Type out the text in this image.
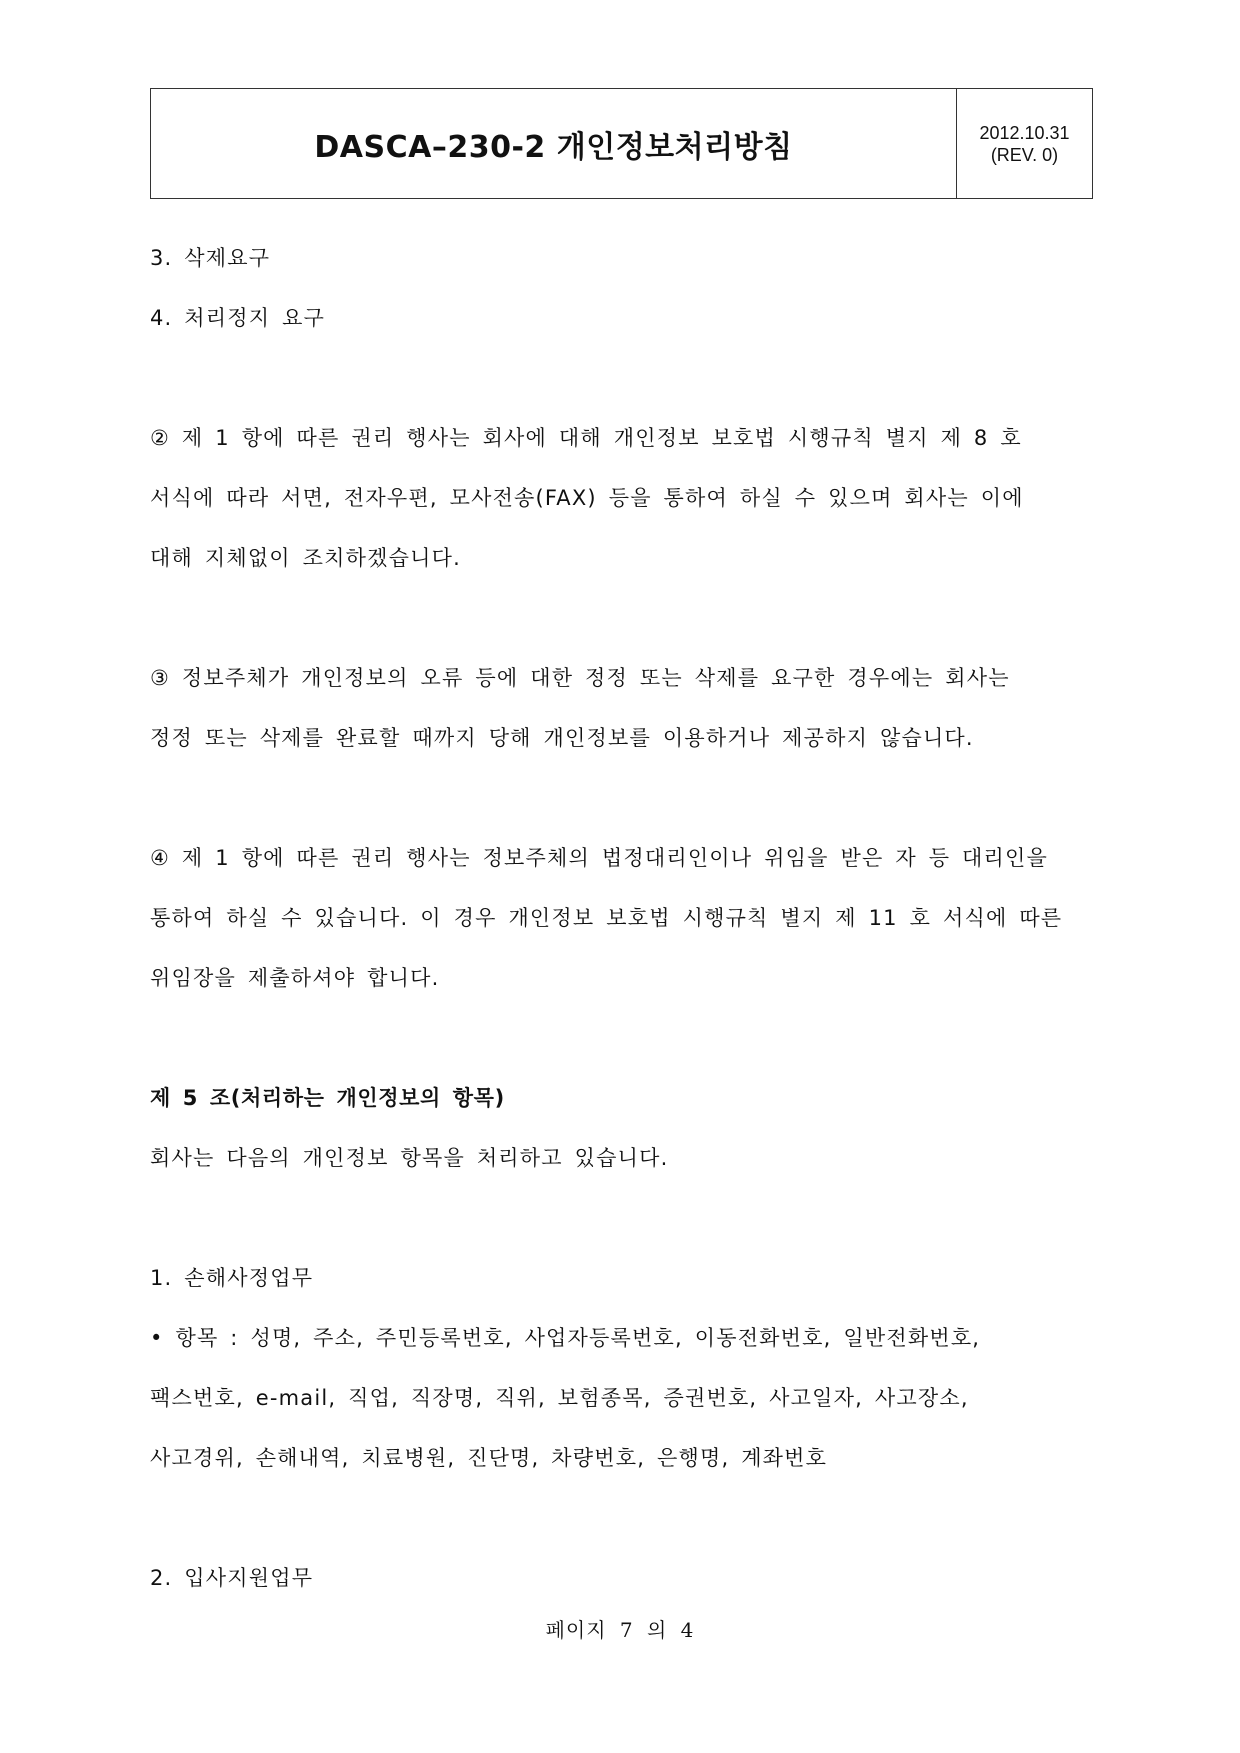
DASCA–230-2 개인정보처리방침	2012.10.31
(REV. 0)
3. 삭제요구
4. 처리정지 요구
② 제 1 항에 따른 권리 행사는 회사에 대해 개인정보 보호법 시행규칙 별지 제 8 호
서식에 따라 서면, 전자우편, 모사전송(FAX) 등을 통하여 하실 수 있으며 회사는 이에
대해 지체없이 조치하겠습니다.
③ 정보주체가 개인정보의 오류 등에 대한 정정 또는 삭제를 요구한 경우에는 회사는
정정 또는 삭제를 완료할 때까지 당해 개인정보를 이용하거나 제공하지 않습니다.
④ 제 1 항에 따른 권리 행사는 정보주체의 법정대리인이나 위임을 받은 자 등 대리인을
통하여 하실 수 있습니다. 이 경우 개인정보 보호법 시행규칙 별지 제 11 호 서식에 따른
위임장을 제출하셔야 합니다.
제 5 조(처리하는 개인정보의 항목)
회사는 다음의 개인정보 항목을 처리하고 있습니다.
1. 손해사정업무
• 항목 : 성명, 주소, 주민등록번호, 사업자등록번호, 이동전화번호, 일반전화번호,
팩스번호, e-mail, 직업, 직장명, 직위, 보험종목, 증권번호, 사고일자, 사고장소,
사고경위, 손해내역, 치료병원, 진단명, 차량번호, 은행명, 계좌번호
2. 입사지원업무
페이지 7 의 4
